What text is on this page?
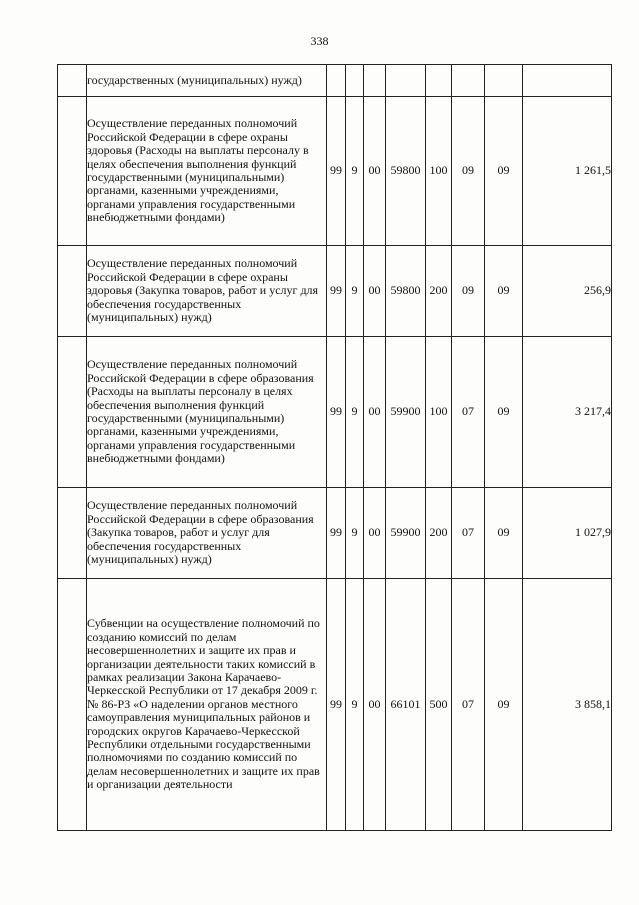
338
	государственных (муниципальных) нужд)								
	Осуществление переданных полномочий Российской Федерации в сфере охраны здоровья (Расходы на выплаты персоналу в целях обеспечения выполнения функций государственными (муниципальными) органами, казенными учреждениями, органами управления государственными внебюджетными фондами)	99	9	00	59800	100	09	09	1 261,5
	Осуществление переданных полномочий Российской Федерации в сфере охраны здоровья (Закупка товаров, работ и услуг для обеспечения государственных (муниципальных) нужд)	99	9	00	59800	200	09	09	256,9
	Осуществление переданных полномочий Российской Федерации в сфере образования (Расходы на выплаты персоналу в целях обеспечения выполнения функций государственными (муниципальными) органами, казенными учреждениями, органами управления государственными внебюджетными фондами)	99	9	00	59900	100	07	09	3 217,4
	Осуществление переданных полномочий Российской Федерации в сфере образования (Закупка товаров, работ и услуг для обеспечения государственных (муниципальных) нужд)	99	9	00	59900	200	07	09	1 027,9
	Субвенции на осуществление полномочий по созданию комиссий по делам несовершеннолетних и защите их прав и организации деятельности таких комиссий в рамках реализации Закона Карачаево-Черкесской Республики от 17 декабря 2009 г. № 86-РЗ «О наделении органов местного самоуправления муниципальных районов и городских округов Карачаево-Черкесской Республики отдельными государственными полномочиями по созданию комиссий по делам несовершеннолетних и защите их прав и организации деятельности	99	9	00	66101	500	07	09	3 858,1
